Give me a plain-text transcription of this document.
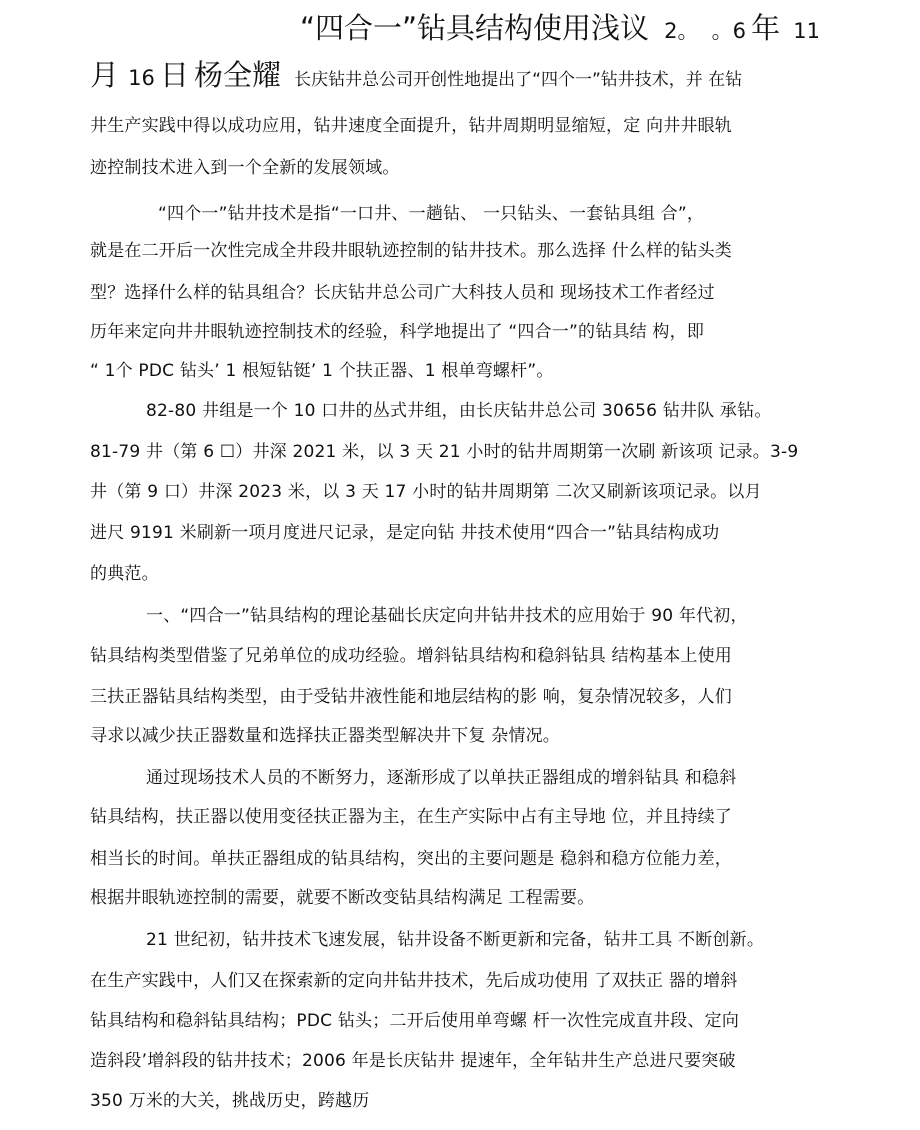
“四合一”钻具结构使用浅议 2。 。6 年 11
月 16 日 杨全耀 长庆钻井总公司开创性地提出了“四个一”钻井技术，并 在钻
井生产实践中得以成功应用，钻井速度全面提升，钻井周期明显缩短，定 向井井眼轨
迹控制技术进入到一个全新的发展领域。
“四个一”钻井技术是指“一口井、一趟钻、 一只钻头、一套钻具组 合”，
就是在二开后一次性完成全井段井眼轨迹控制的钻井技术。那么选择 什么样的钻头类
型？选择什么样的钻具组合？长庆钻井总公司广大科技人员和 现场技术工作者经过
历年来定向井井眼轨迹控制技术的经验，科学地提出了 “四合一”的钻具结 构，即
“ 1个 PDC 钻头’ 1 根短钻铤’ 1 个扶正器、1 根单弯螺杆”。
82-80 井组是一个 10 口井的丛式井组，由长庆钻井总公司 30656 钻井队 承钻。
81-79 井（第 6 ☐）井深 2021 米，以 3 天 21 小时的钻井周期第一次刷 新该项 记录。3-9
井（第 9 口）井深 2023 米，以 3 天 17 小时的钻井周期第 二次又刷新该项记录。以月
进尺 9191 米刷新一项月度进尺记录，是定向钻 井技术使用“四合一”钻具结构成功
的典范。
一、“四合一”钻具结构的理论基础长庆定向井钻井技术的应用始于 90 年代初，
钻具结构类型借鉴了兄弟单位的成功经验。增斜钻具结构和稳斜钻具 结构基本上使用
三扶正器钻具结构类型，由于受钻井液性能和地层结构的影 响，复杂情况较多，人们
寻求以减少扶正器数量和选择扶正器类型解决井下复 杂情况。
通过现场技术人员的不断努力，逐渐形成了以单扶正器组成的增斜钻具 和稳斜
钻具结构，扶正器以使用变径扶正器为主，在生产实际中占有主导地 位，并且持续了
相当长的时间。单扶正器组成的钻具结构，突出的主要问题是 稳斜和稳方位能力差，
根据井眼轨迹控制的需要，就要不断改变钻具结构满足 工程需要。
21 世纪初，钻井技术飞速发展，钻井设备不断更新和完备，钻井工具 不断创新。
在生产实践中，人们又在探索新的定向井钻井技术，先后成功使用 了双扶正 器的增斜
钻具结构和稳斜钻具结构；PDC 钻头；二开后使用单弯螺 杆一次性完成直井段、定向
造斜段’增斜段的钻井技术；2006 年是长庆钻井 提速年，全年钻井生产总进尺要突破
350 万米的大关，挑战历史，跨越历
